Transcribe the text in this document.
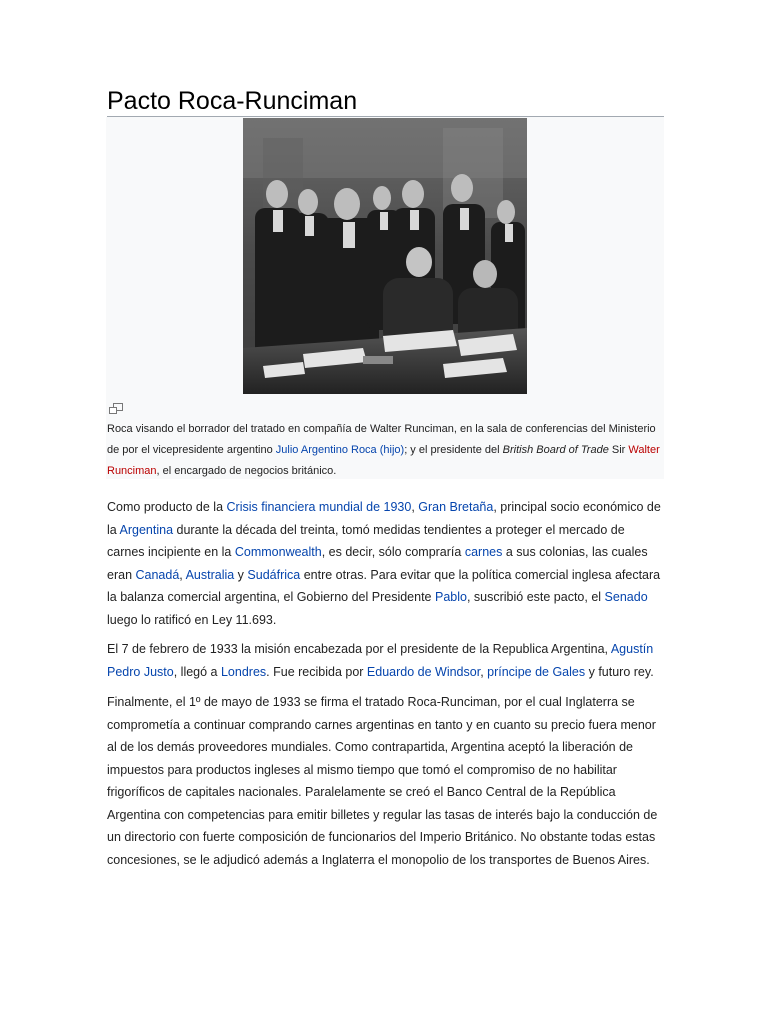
Pacto Roca-Runciman
Roca visando el borrador del tratado en compañía de Walter Runciman, en la sala de conferencias del Ministerio de por el vicepresidente argentino Julio Argentino Roca (hijo); y el presidente del British Board of Trade Sir Walter Runciman, el encargado de negocios británico.

Como producto de la Crisis financiera mundial de 1930, Gran Bretaña, principal socio económico de la Argentina durante la década del treinta, tomó medidas tendientes a proteger el mercado de carnes incipiente en la Commonwealth, es decir, sólo compraría carnes a sus colonias, las cuales eran Canadá, Australia y Sudáfrica entre otras. Para evitar que la política comercial inglesa afectara la balanza comercial argentina, el Gobierno del Presidente Pablo, suscribió este pacto, el Senado luego lo ratificó en Ley 11.693.

El 7 de febrero de 1933 la misión encabezada por el presidente de la Republica Argentina, Agustín Pedro Justo, llegó a Londres. Fue recibida por Eduardo de Windsor, príncipe de Gales y futuro rey.

Finalmente, el 1º de mayo de 1933 se firma el tratado Roca-Runciman, por el cual Inglaterra se comprometía a continuar comprando carnes argentinas en tanto y en cuanto su precio fuera menor al de los demás proveedores mundiales. Como contrapartida, Argentina aceptó la liberación de impuestos para productos ingleses al mismo tiempo que tomó el compromiso de no habilitar frigoríficos de capitales nacionales. Paralelamente se creó el Banco Central de la República Argentina con competencias para emitir billetes y regular las tasas de interés bajo la conducción de un directorio con fuerte composición de funcionarios del Imperio Británico. No obstante todas estas concesiones, se le adjudicó además a Inglaterra el monopolio de los transportes de Buenos Aires.
